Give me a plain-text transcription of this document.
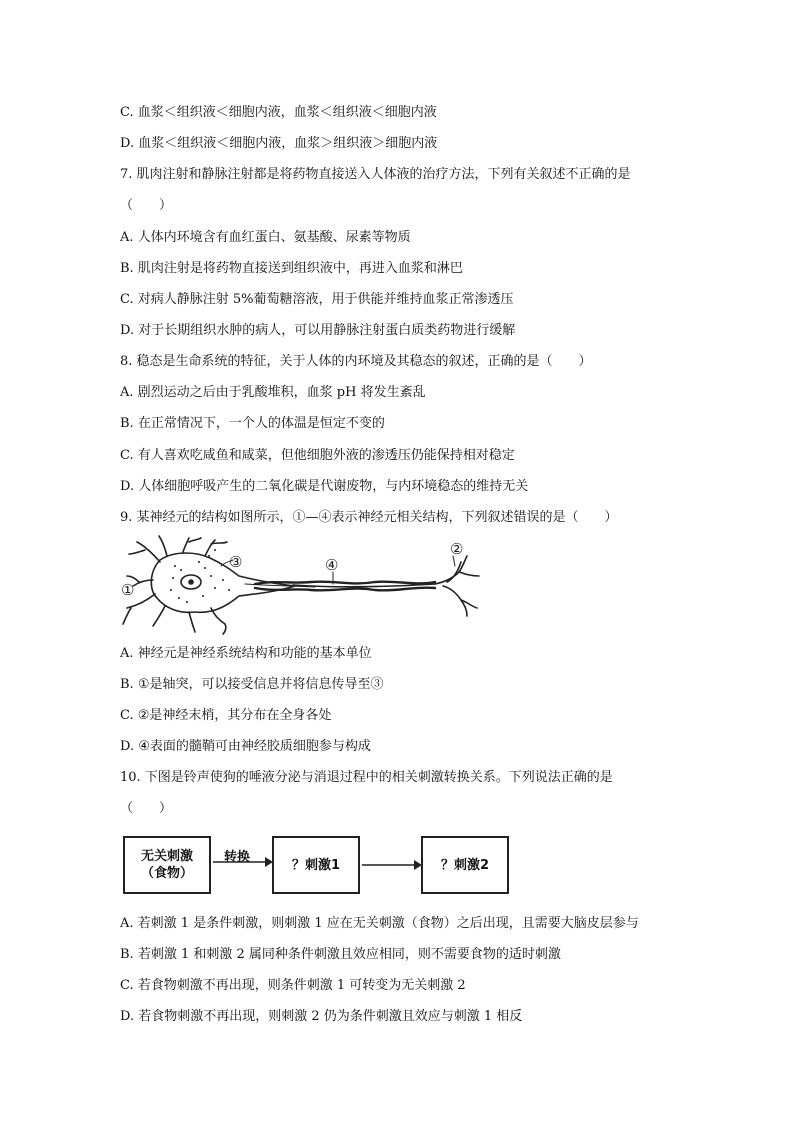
C. 血浆＜组织液＜细胞内液，血浆＜组织液＜细胞内液
D. 血浆＜组织液＜细胞内液，血浆＞组织液＞细胞内液
7. 肌肉注射和静脉注射都是将药物直接送入人体液的治疗方法，下列有关叙述不正确的是
（　　）
A. 人体内环境含有血红蛋白、氨基酸、尿素等物质
B. 肌肉注射是将药物直接送到组织液中，再进入血浆和淋巴
C. 对病人静脉注射 5%葡萄糖溶液，用于供能并维持血浆正常渗透压
D. 对于长期组织水肿的病人，可以用静脉注射蛋白质类药物进行缓解
8. 稳态是生命系统的特征，关于人体的内环境及其稳态的叙述，正确的是（　　）
A. 剧烈运动之后由于乳酸堆积，血浆 pH 将发生紊乱
B. 在正常情况下，一个人的体温是恒定不变的
C. 有人喜欢吃咸鱼和咸菜，但他细胞外液的渗透压仍能保持相对稳定
D. 人体细胞呼吸产生的二氧化碳是代谢废物，与内环境稳态的维持无关
9. 某神经元的结构如图所示，①—④表示神经元相关结构，下列叙述错误的是（　　）
①
②
③	④
A. 神经元是神经系统结构和功能的基本单位
B. ①是轴突，可以接受信息并将信息传导至③
C. ②是神经末梢，其分布在全身各处
D. ④表面的髓鞘可由神经胶质细胞参与构成
10. 下图是铃声使狗的唾液分泌与消退过程中的相关刺激转换关系。下列说法正确的是
（　　）
无关刺激
（食物）
转换	？刺激1	？刺激2
A. 若刺激 1 是条件刺激，则刺激 1 应在无关刺激（食物）之后出现，且需要大脑皮层参与
B. 若刺激 1 和刺激 2 属同种条件刺激且效应相同，则不需要食物的适时刺激
C. 若食物刺激不再出现，则条件刺激 1 可转变为无关刺激 2
D. 若食物刺激不再出现，则刺激 2 仍为条件刺激且效应与刺激 1 相反
